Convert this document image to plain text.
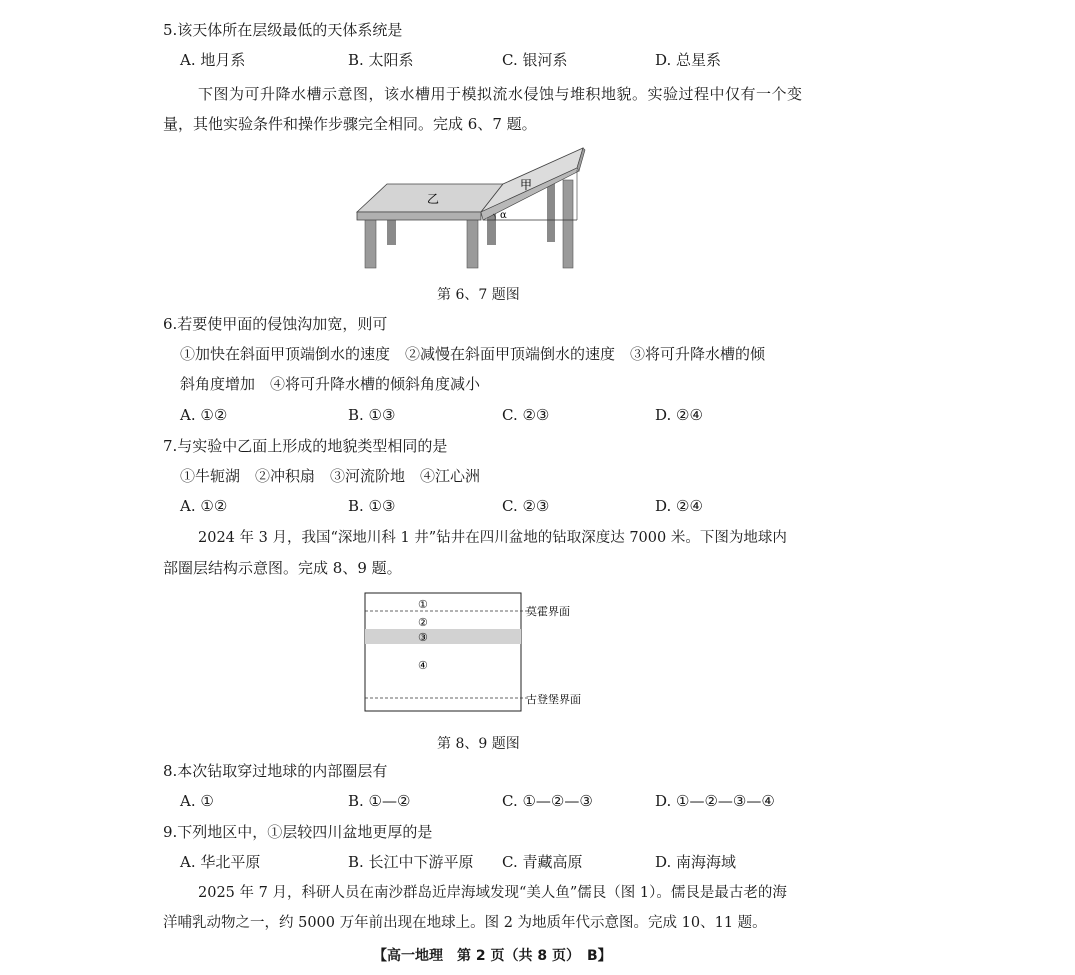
5.该天体所在层级最低的天体系统是
A. 地月系	B. 太阳系	C. 银河系	D. 总星系
下图为可升降水槽示意图，该水槽用于模拟流水侵蚀与堆积地貌。实验过程中仅有一个变
量，其他实验条件和操作步骤完全相同。完成 6、7 题。
α
甲
乙
第 6、7 题图
6.若要使甲面的侵蚀沟加宽，则可
①加快在斜面甲顶端倒水的速度　②减慢在斜面甲顶端倒水的速度　③将可升降水槽的倾
斜角度增加　④将可升降水槽的倾斜角度减小
A. ①②	B. ①③	C. ②③	D. ②④
7.与实验中乙面上形成的地貌类型相同的是
①牛轭湖　②冲积扇　③河流阶地　④江心洲
A. ①②	B. ①③	C. ②③	D. ②④
2024 年 3 月，我国“深地川科 1 井”钻井在四川盆地的钻取深度达 7000 米。下图为地球内
部圈层结构示意图。完成 8、9 题。
①
②
③
④
莫霍界面
古登堡界面
第 8、9 题图
8.本次钻取穿过地球的内部圈层有
A. ①	B. ①—②	C. ①—②—③	D. ①—②—③—④
9.下列地区中，①层较四川盆地更厚的是
A. 华北平原	B. 长江中下游平原 C. 青藏高原	D. 南海海域
2025 年 7 月，科研人员在南沙群岛近岸海域发现“美人鱼”儒艮（图 1）。儒艮是最古老的海
洋哺乳动物之一，约 5000 万年前出现在地球上。图 2 为地质年代示意图。完成 10、11 题。
【高一地理　第 2 页（共 8 页）　B】
